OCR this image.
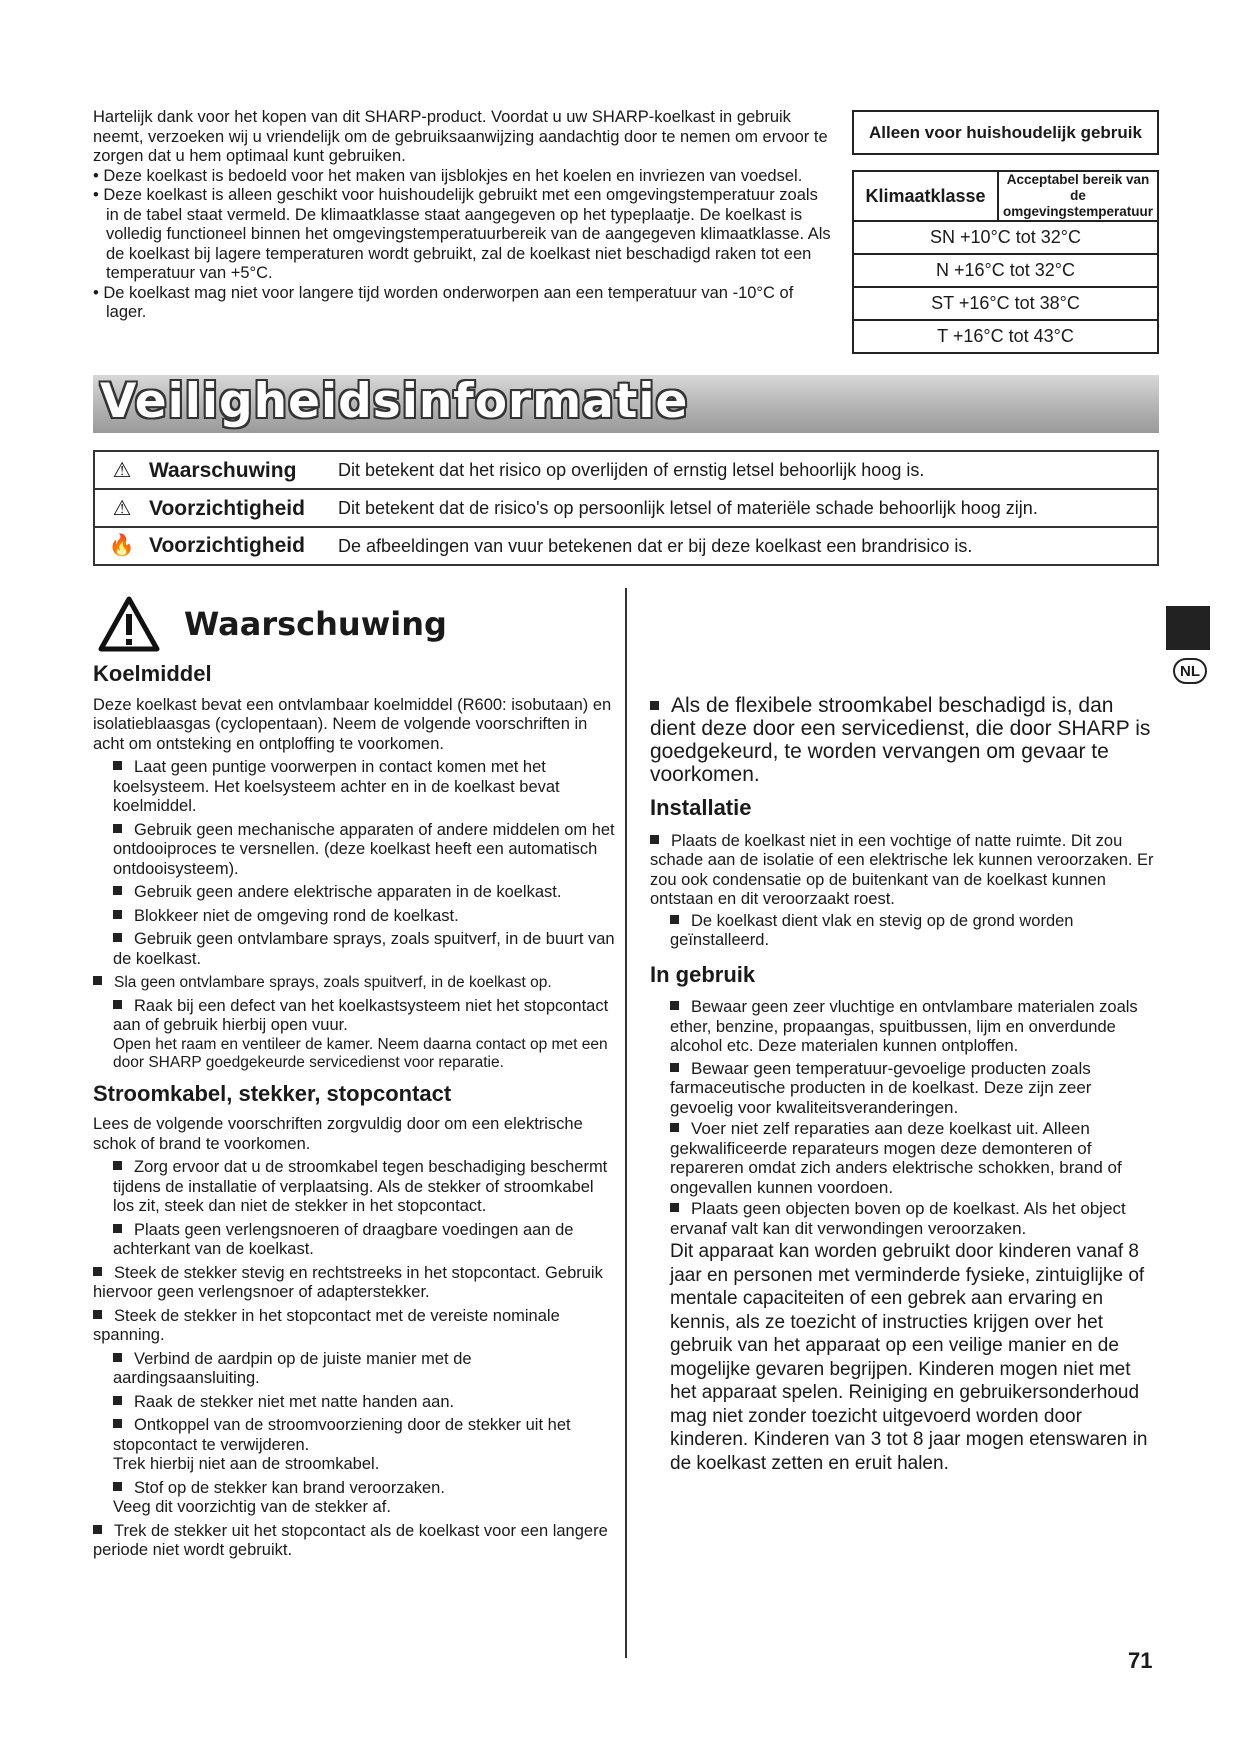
Hartelijk dank voor het kopen van dit SHARP-product. Voordat u uw SHARP-koelkast in gebruik neemt, verzoeken wij u vriendelijk om de gebruiksaanwijzing aandachtig door te nemen om ervoor te zorgen dat u hem optimaal kunt gebruiken.

• Deze koelkast is bedoeld voor het maken van ijsblokjes en het koelen en invriezen van voedsel.

• Deze koelkast is alleen geschikt voor huishoudelijk gebruikt met een omgevingstemperatuur zoals in de tabel staat vermeld. De klimaatklasse staat aangegeven op het typeplaatje. De koelkast is volledig functioneel binnen het omgevingstemperatuurbereik van de aangegeven klimaatklasse. Als de koelkast bij lagere temperaturen wordt gebruikt, zal de koelkast niet beschadigd raken tot een temperatuur van +5°C.

• De koelkast mag niet voor langere tijd worden onderworpen aan een temperatuur van -10°C of lager.

Alleen voor huishoudelijk gebruik
Klimaatklasse	Acceptabel bereik van de omgevingstemperatuur
SN +10°C tot 32°C
N +16°C tot 32°C
ST +16°C tot 38°C
T +16°C tot 43°C
Veiligheidsinformatie
⚠ Waarschuwing	Dit betekent dat het risico op overlijden of ernstig letsel behoorlijk hoog is.
⚠ Voorzichtigheid	Dit betekent dat de risico's op persoonlijk letsel of materiële schade behoorlijk hoog zijn.
🔥 Voorzichtigheid	De afbeeldingen van vuur betekenen dat er bij deze koelkast een brandrisico is.
Waarschuwing
Koelmiddel

Deze koelkast bevat een ontvlambaar koelmiddel (R600: isobutaan) en isolatieblaasgas (cyclopentaan). Neem de volgende voorschriften in acht om ontsteking en ontploffing te voorkomen.

Laat geen puntige voorwerpen in contact komen met het koelsysteem. Het koelsysteem achter en in de koelkast bevat koelmiddel.

Gebruik geen mechanische apparaten of andere middelen om het ontdooiproces te versnellen. (deze koelkast heeft een automatisch ontdooisysteem).

Gebruik geen andere elektrische apparaten in de koelkast.

Blokkeer niet de omgeving rond de koelkast.

Gebruik geen ontvlambare sprays, zoals spuitverf, in de buurt van de koelkast.

Sla geen ontvlambare sprays, zoals spuitverf, in de koelkast op.

Raak bij een defect van het koelkastsysteem niet het stopcontact aan of gebruik hierbij open vuur.

Open het raam en ventileer de kamer. Neem daarna contact op met een door SHARP goedgekeurde servicedienst voor reparatie.

Stroomkabel, stekker, stopcontact

Lees de volgende voorschriften zorgvuldig door om een elektrische schok of brand te voorkomen.

Zorg ervoor dat u de stroomkabel tegen beschadiging beschermt tijdens de installatie of verplaatsing. Als de stekker of stroomkabel los zit, steek dan niet de stekker in het stopcontact.

Plaats geen verlengsnoeren of draagbare voedingen aan de achterkant van de koelkast.

Steek de stekker stevig en rechtstreeks in het stopcontact. Gebruik hiervoor geen verlengsnoer of adapterstekker.

Steek de stekker in het stopcontact met de vereiste nominale spanning.

Verbind de aardpin op de juiste manier met de aardingsaansluiting.

Raak de stekker niet met natte handen aan.

Ontkoppel van de stroomvoorziening door de stekker uit het stopcontact te verwijderen.

Trek hierbij niet aan de stroomkabel.

Stof op de stekker kan brand veroorzaken.

Veeg dit voorzichtig van de stekker af.

Trek de stekker uit het stopcontact als de koelkast voor een langere periode niet wordt gebruikt.

Als de flexibele stroomkabel beschadigd is, dan dient deze door een servicedienst, die door SHARP is goedgekeurd, te worden vervangen om gevaar te voorkomen.

Installatie

Plaats de koelkast niet in een vochtige of natte ruimte. Dit zou schade aan de isolatie of een elektrische lek kunnen veroorzaken. Er zou ook condensatie op de buitenkant van de koelkast kunnen ontstaan en dit veroorzaakt roest.

De koelkast dient vlak en stevig op de grond worden geïnstalleerd.

In gebruik

Bewaar geen zeer vluchtige en ontvlambare materialen zoals ether, benzine, propaangas, spuitbussen, lijm en onverdunde alcohol etc. Deze materialen kunnen ontploffen.

Bewaar geen temperatuur-gevoelige producten zoals farmaceutische producten in de koelkast. Deze zijn zeer gevoelig voor kwaliteitsveranderingen.

Voer niet zelf reparaties aan deze koelkast uit. Alleen gekwalificeerde reparateurs mogen deze demonteren of repareren omdat zich anders elektrische schokken, brand of ongevallen kunnen voordoen.

Plaats geen objecten boven op de koelkast. Als het object ervanaf valt kan dit verwondingen veroorzaken.

Dit apparaat kan worden gebruikt door kinderen vanaf 8 jaar en personen met verminderde fysieke, zintuiglijke of mentale capaciteiten of een gebrek aan ervaring en kennis, als ze toezicht of instructies krijgen over het gebruik van het apparaat op een veilige manier en de mogelijke gevaren begrijpen. Kinderen mogen niet met het apparaat spelen. Reiniging en gebruikersonderhoud mag niet zonder toezicht uitgevoerd worden door kinderen. Kinderen van 3 tot 8 jaar mogen etenswaren in de koelkast zetten en eruit halen.

NL
71
